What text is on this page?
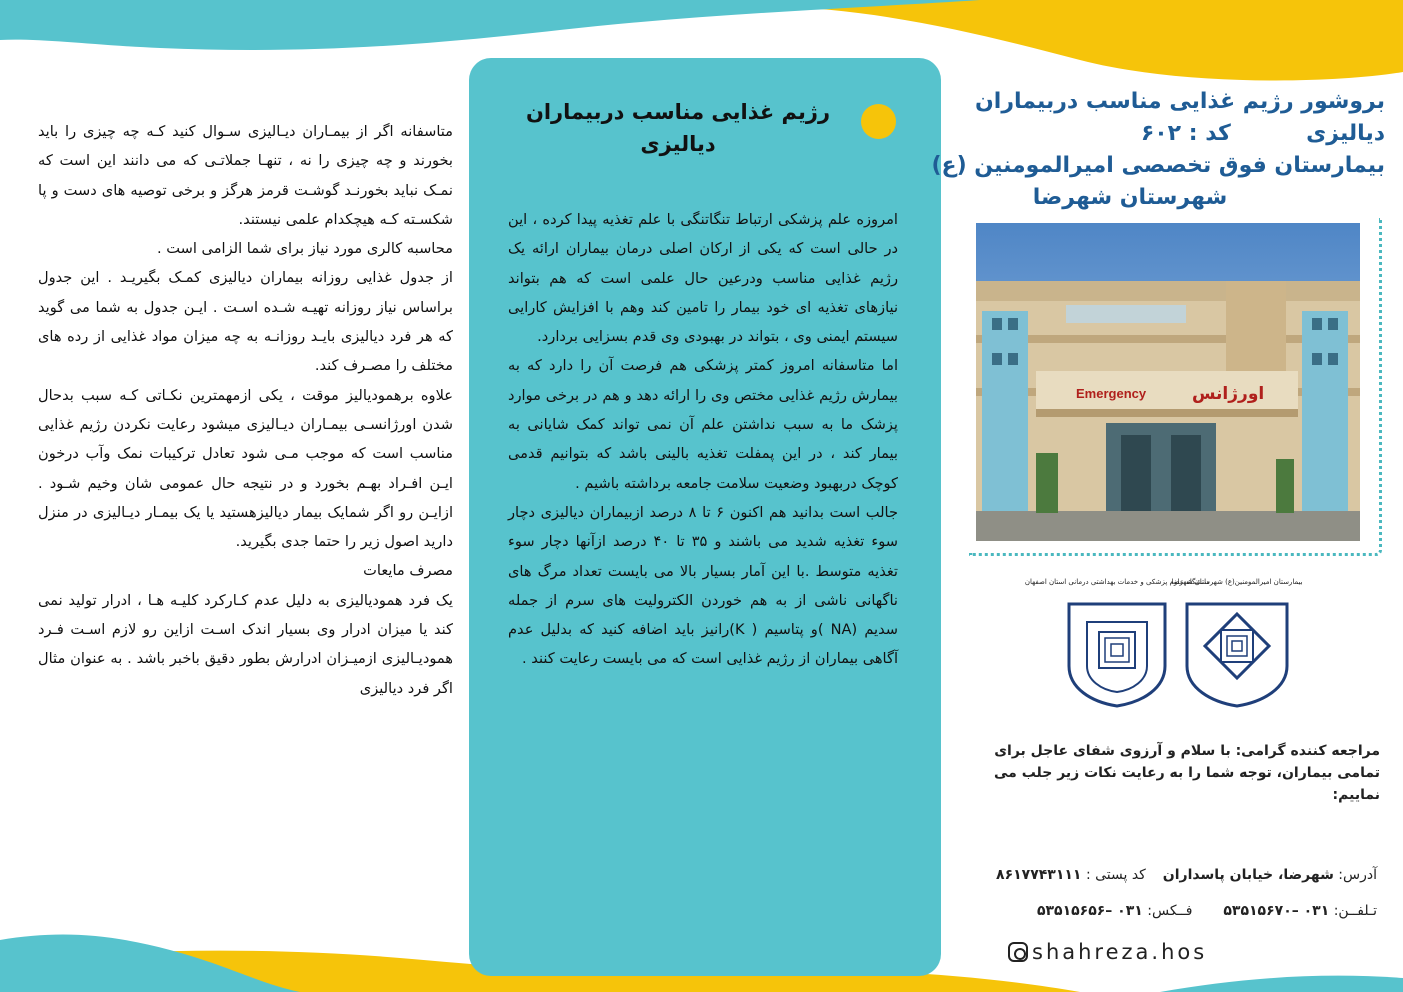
متاسفانه اگر از بیمـاران دیـالیزی سـوال کنید کـه چه چیزی را باید بخورند و چه چیزی را نه ، تنهـا جملاتـی که می دانند این است که نمـک نباید بخورنـد گوشـت قرمز هرگز و برخی توصیه های دست و پا شکسـته کـه هیچکدام علمی نیستند.

محاسبه کالری مورد نیاز برای شما الزامی است .

از جدول غذایی روزانه بیماران دیالیزی کمـک بگیریـد . این جدول براساس نیاز روزانه تهیـه شـده اسـت . ایـن جدول به شما می گوید که هر فرد دیالیزی بایـد روزانـه به چه میزان مواد غذایی از رده های مختلف را مصـرف کند.

علاوه برهمودیالیز موقت ، یکی ازمهمترین نکـاتی کـه سبب بدحال شدن اورژانسـی بیمـاران دیـالیزی میشود رعایت نکردن رژیم غذایی مناسب است که موجب مـی شود تعادل ترکیبات نمک وآب درخون ایـن افـراد بهـم بخورد و در نتیجه حال عمومی شان وخیم شـود . ازایـن رو اگر شمایک بیمار دیالیزهستید یا یک بیمـار دیـالیزی در منزل دارید اصول زیر را حتما جدی بگیرید.

مصرف مایعات

یک فرد همودیالیزی به دلیل عدم کـارکرد کلیـه هـا ، ادرار تولید نمی کند یا میزان ادرار وی بسیار اندک اسـت ازاین رو لازم اسـت فـرد همودیـالیزی ازمیـزان ادرارش بطور دقیق باخبر باشد . به عنوان مثال اگر فرد دیالیزی

رژیم غذایی مناسب دربیماران
دیالیزی

امروزه علم پزشکی ارتباط تنگاتنگی با علم تغذیه پیدا کرده ، این در حالی است که یکی از ارکان اصلی درمان بیماران ارائه یک رژیم غذایی مناسب ودرعین حال علمی است که هم بتواند نیازهای تغذیه ای خود بیمار را تامین کند وهم با افزایش کارایی سیستم ایمنی وی ، بتواند در بهبودی وی قدم بسزایی بردارد.

اما متاسفانه امروز کمتر پزشکی هم فرصت آن را دارد که به بیمارش رژیم غذایی مختص وی را ارائه دهد و هم در برخی موارد پزشک ما به سبب نداشتن علم آن نمی تواند کمک شایانی به بیمار کند ، در این پمفلت تغذیه بالینی باشد که بتوانیم قدمی کوچک دربهبود وضعیت سلامت جامعه برداشته باشیم .

جالب است بدانید هم اکنون ۶ تا ۸ درصد ازبیماران دیالیزی دچار سوء تغذیه شدید می باشند و ۳۵ تا ۴۰ درصد ازآنها دچار سوء تغذیه متوسط .با این آمار بسیار بالا می بایست تعداد مرگ های ناگهانی ناشی از به هم خوردن الکترولیت های سرم از جمله سدیم (NA )و پتاسیم ( K)رانیز باید اضافه کنید که بدلیل عدم آگاهی بیماران از رژیم غذایی است که می بایست رعایت کنند .

بروشور رژیم غذایی مناسب دربیماران
دیالیزی  کد : ۶۰۲
بیمارستان فوق تخصصی امیرالمومنین (ع)
شهرستان شهرضا
Emergency	اورژانس
دانشگاه علوم پزشکی و خدمات بهداشتی درمانی استان اصفهان
بیمارستان امیرالمومنین(ع) شهرستان شهرضا
مراجعه کننده گرامی: با سلام و آرزوی شفای عاجل برای تمامی بیماران، توجه شما را به رعایت نکات زیر جلب می نماییم:
آدرس: شهرضا، خیابان پاسداران  کد پستی : ۸۶۱۷۷۴۳۱۱۱
تـلفــن: ۰۳۱ –۵۳۵۱۵۶۷۰  فــکس: ۰۳۱ –۵۳۵۱۵۶۵۶
shahreza.hos
